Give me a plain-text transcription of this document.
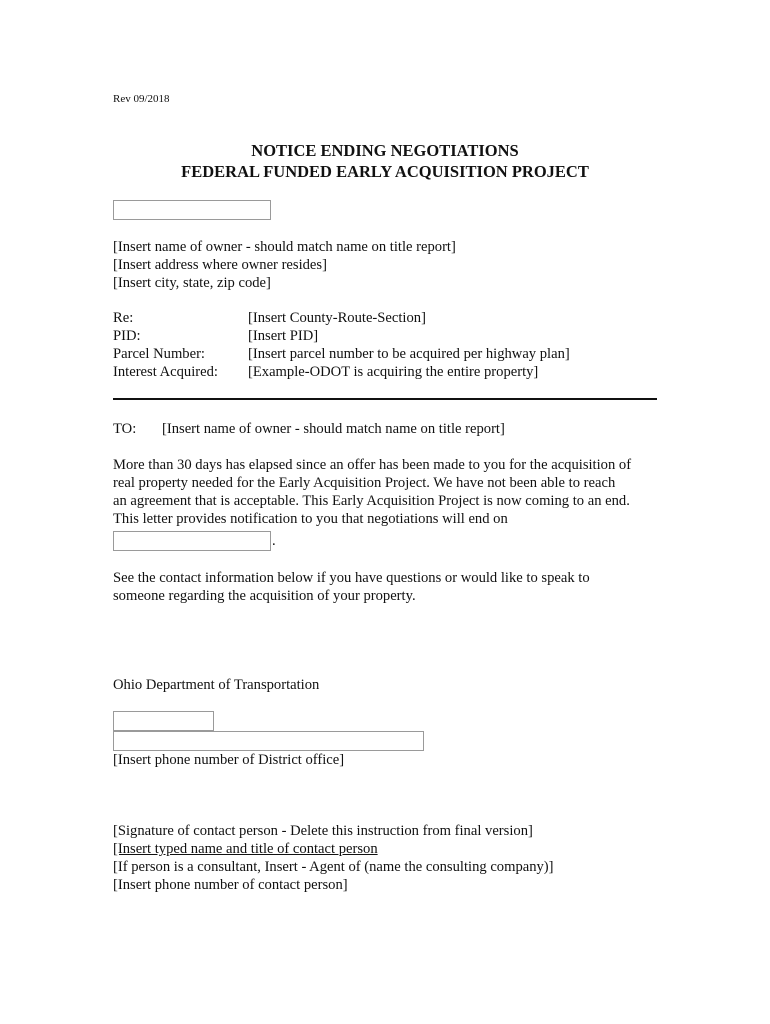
Rev 09/2018
NOTICE ENDING NEGOTIATIONS
FEDERAL FUNDED EARLY ACQUISITION PROJECT
[Insert name of owner - should match name on title report]
[Insert address where owner resides]
[Insert city, state, zip code]
Re:	[Insert County-Route-Section]
PID:	[Insert PID]
Parcel Number:	[Insert parcel number to be acquired per highway plan]
Interest Acquired: [Example-ODOT is acquiring the entire property]
TO: [Insert name of owner - should match name on title report]
More than 30 days has elapsed since an offer has been made to you for the acquisition of
real property needed for the Early Acquisition Project. We have not been able to reach
an agreement that is acceptable. This Early Acquisition Project is now coming to an end.
This letter provides notification to you that negotiations will end on
.
See the contact information below if you have questions or would like to speak to
someone regarding the acquisition of your property.
Ohio Department of Transportation
[Insert phone number of District office]
[Signature of contact person - Delete this instruction from final version]
[Insert typed name and title of contact person
[If person is a consultant, Insert - Agent of (name the consulting company)]
[Insert phone number of contact person]
